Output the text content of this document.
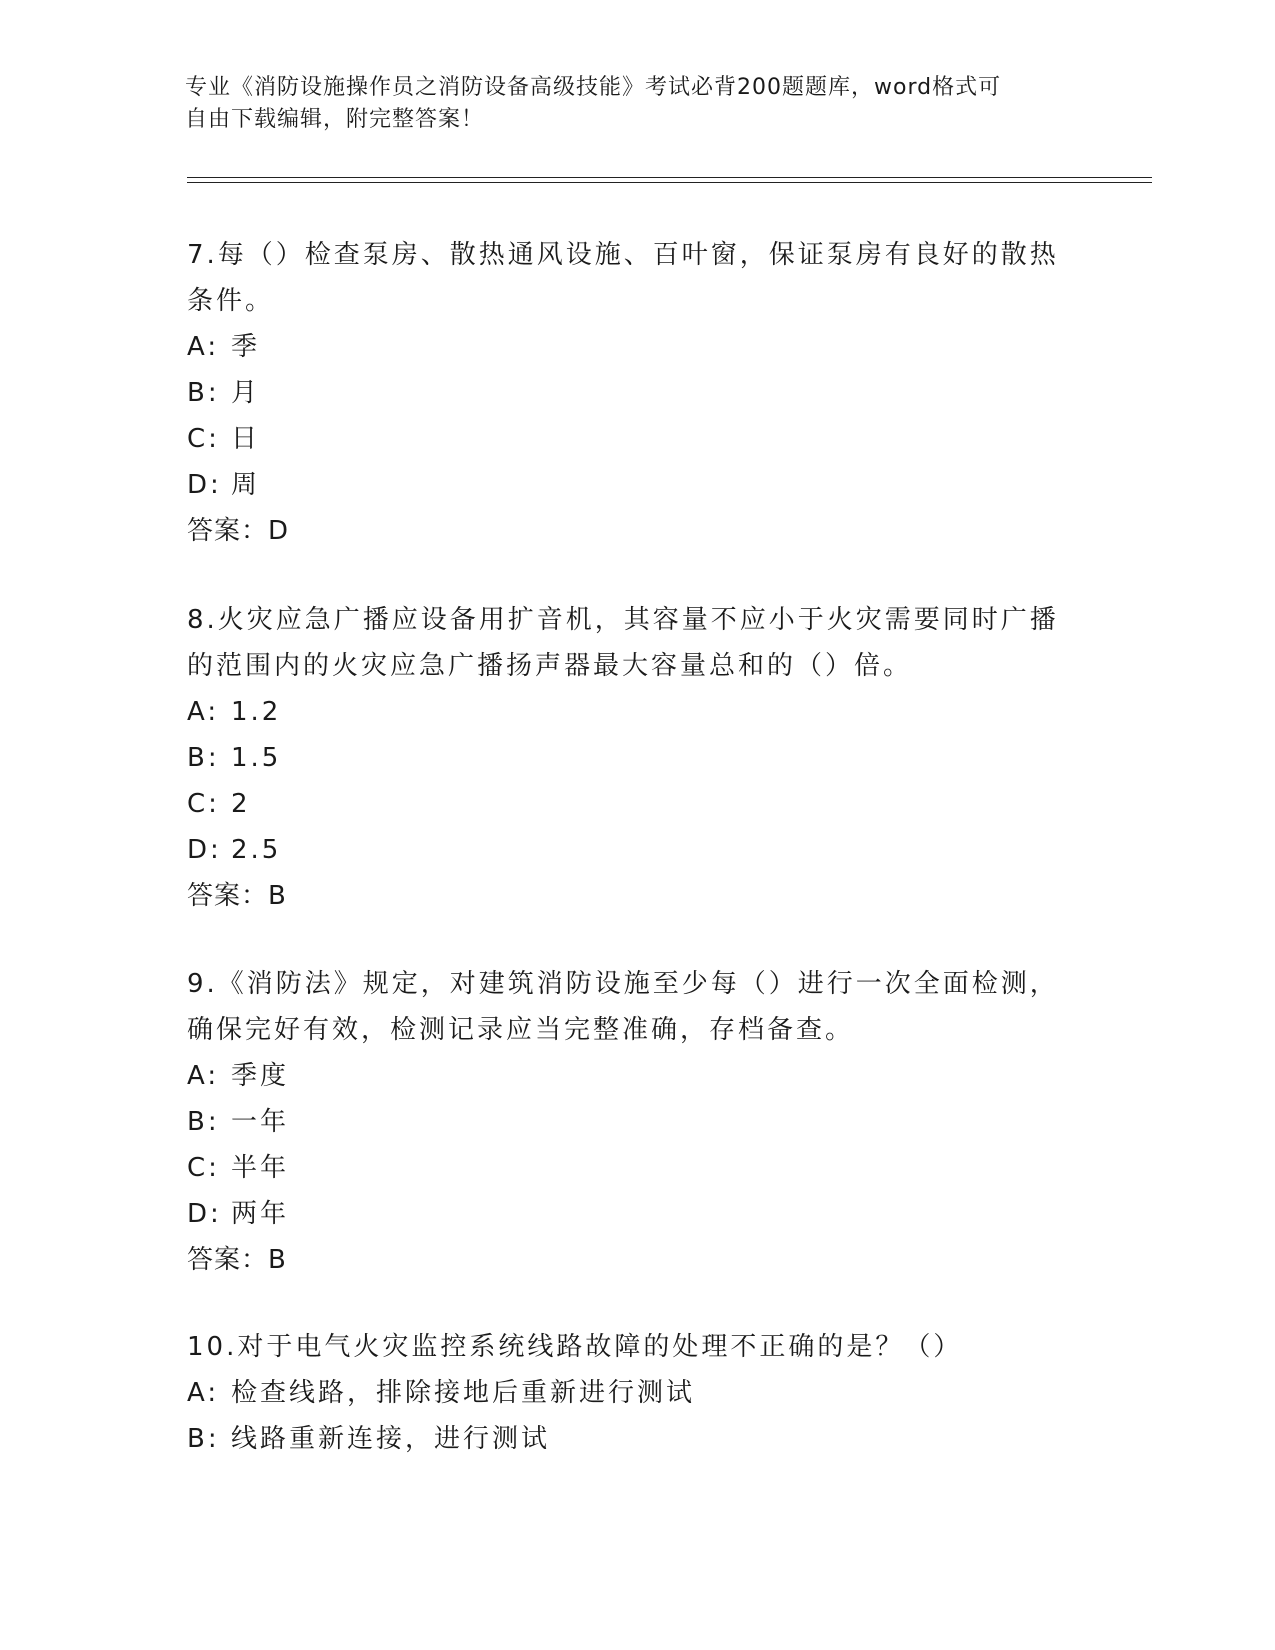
专业《消防设施操作员之消防设备高级技能》考试必背200题题库，word格式可

自由下载编辑，附完整答案！

7.每（）检查泵房、散热通风设施、百叶窗，保证泵房有良好的散热

条件。

A: 季

B: 月

C: 日

D: 周

答案：D

8.火灾应急广播应设备用扩音机，其容量不应小于火灾需要同时广播

的范围内的火灾应急广播扬声器最大容量总和的（）倍。

A: 1.2

B: 1.5

C: 2

D: 2.5

答案：B

9.《消防法》规定，对建筑消防设施至少每（）进行一次全面检测，

确保完好有效，检测记录应当完整准确，存档备查。

A: 季度

B: 一年

C: 半年

D: 两年

答案：B

10.对于电气火灾监控系统线路故障的处理不正确的是？（）

A: 检查线路，排除接地后重新进行测试

B: 线路重新连接，进行测试
